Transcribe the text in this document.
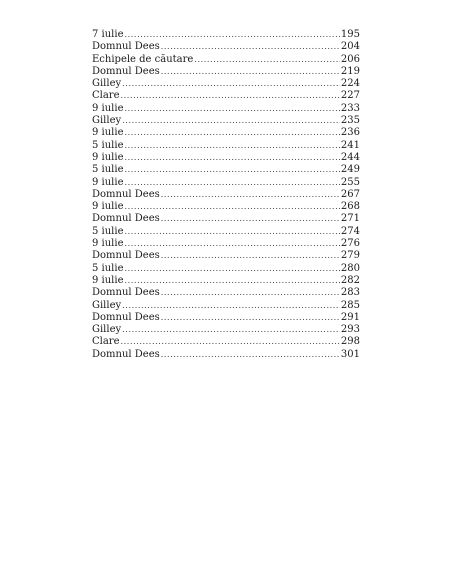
7 iulie .....	195
Domnul Dees .....	204
Echipele de căutare .....	206
Domnul Dees .....	219
Gilley .....	224
Clare .....	227
9 iulie .....	233
Gilley .....	235
9 iulie .....	236
5 iulie .....	241
9 iulie .....	244
5 iulie .....	249
9 iulie .....	255
Domnul Dees .....	267
9 iulie .....	268
Domnul Dees .....	271
5 iulie .....	274
9 iulie .....	276
Domnul Dees .....	279
5 iulie .....	280
9 iulie .....	282
Domnul Dees .....	283
Gilley .....	285
Domnul Dees .....	291
Gilley .....	293
Clare .....	298
Domnul Dees .....	301
